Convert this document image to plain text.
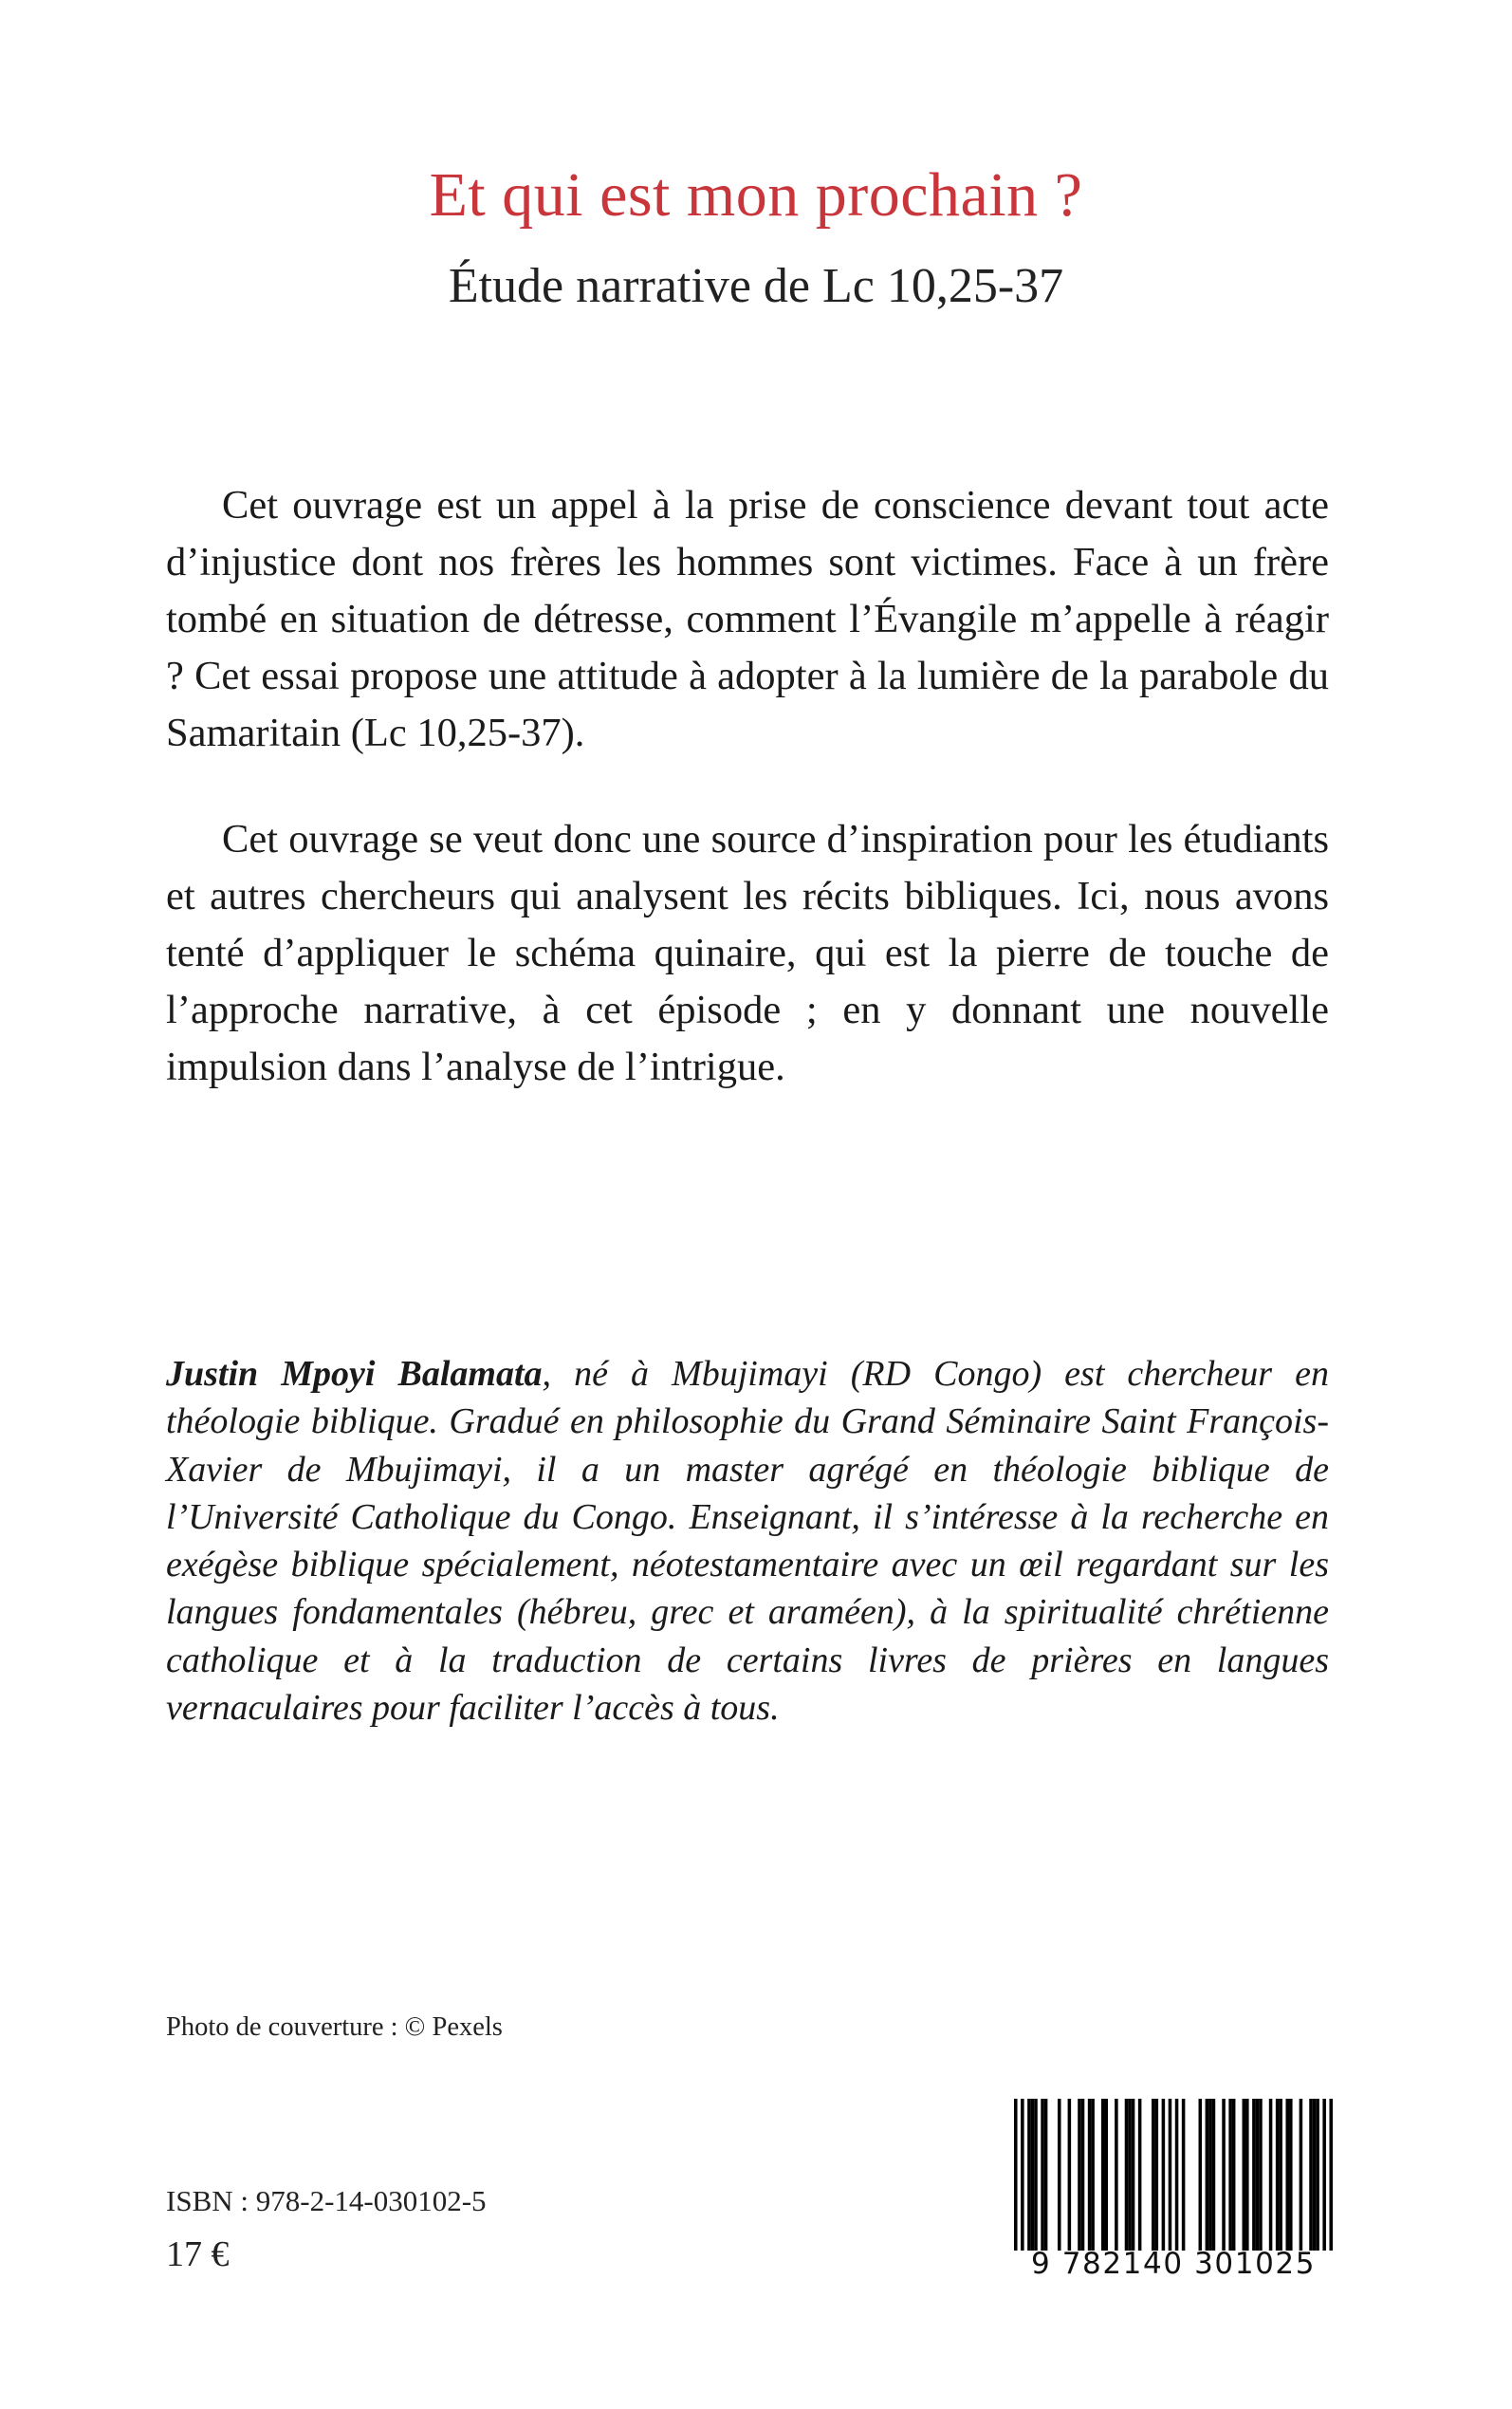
Et qui est mon prochain ?
Étude narrative de Lc 10,25-37

Cet ouvrage est un appel à la prise de conscience devant tout acte d’injustice dont nos frères les hommes sont victimes. Face à un frère tombé en situation de détresse, comment l’Évangile m’appelle à réagir ? Cet essai propose une attitude à adopter à la lumière de la parabole du Samaritain (Lc 10,25-37).

Cet ouvrage se veut donc une source d’inspiration pour les étudiants et autres chercheurs qui analysent les récits bibliques. Ici, nous avons tenté d’appliquer le schéma quinaire, qui est la pierre de touche de l’approche narrative, à cet épisode ; en y donnant une nouvelle impulsion dans l’analyse de l’intrigue.

Justin Mpoyi Balamata, né à Mbujimayi (RD Congo) est chercheur en théologie biblique. Gradué en philosophie du Grand Séminaire Saint François-Xavier de Mbujimayi, il a un master agrégé en théologie biblique de l’Université Catholique du Congo. Enseignant, il s’intéresse à la recherche en exégèse biblique spécialement, néotestamentaire avec un œil regardant sur les langues fondamentales (hébreu, grec et araméen), à la spiritualité chrétienne catholique et à la traduction de certains livres de prières en langues vernaculaires pour faciliter l’accès à tous.

Photo de couverture : © Pexels
ISBN : 978-2-14-030102-5
17 €	9 782140 301025
